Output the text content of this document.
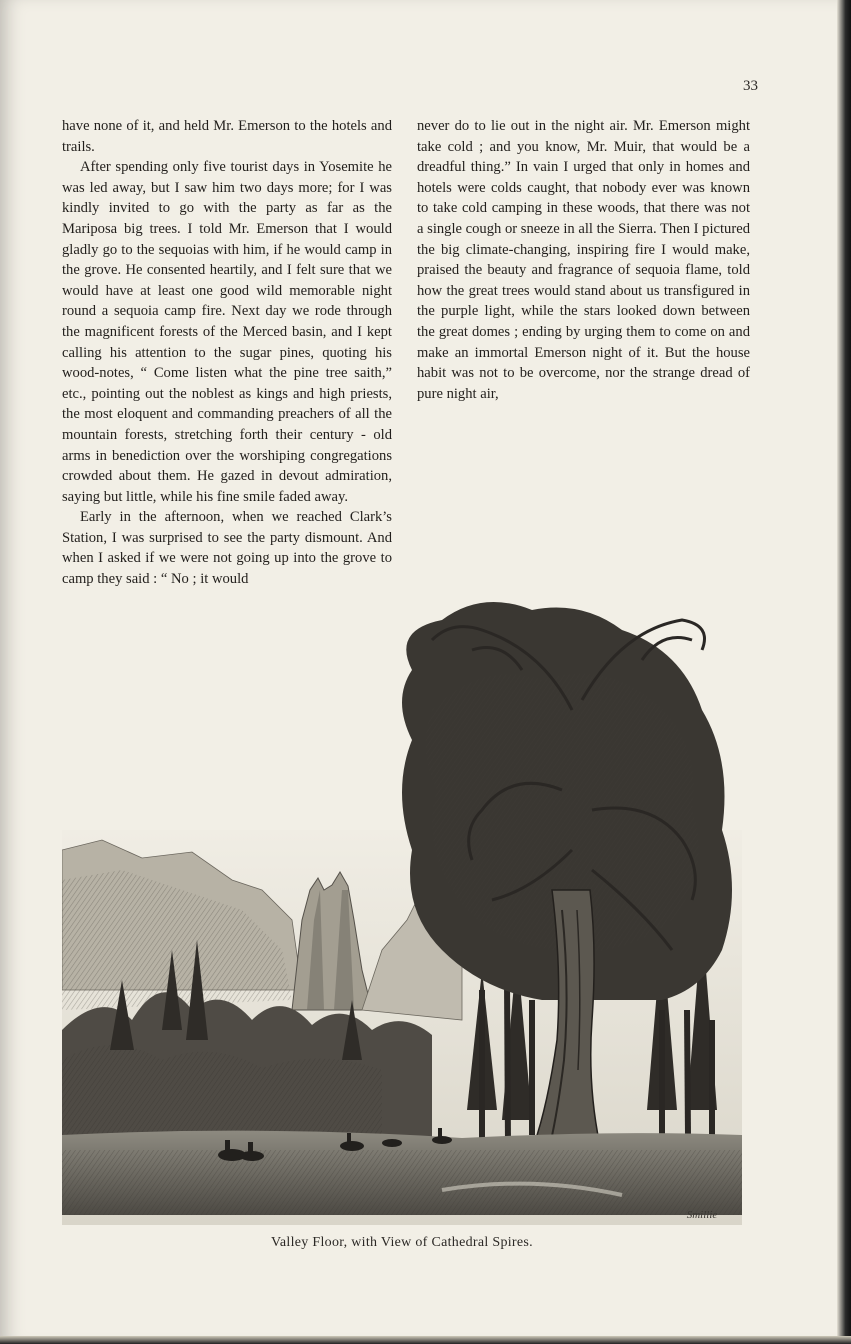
33

have none of it, and held Mr. Emerson to the hotels and trails.

After spending only five tourist days in Yosemite he was led away, but I saw him two days more; for I was kindly invited to go with the party as far as the Mariposa big trees. I told Mr. Emerson that I would gladly go to the sequoias with him, if he would camp in the grove. He consented heartily, and I felt sure that we would have at least one good wild memorable night round a sequoia camp fire. Next day we rode through the magnificent forests of the Merced basin, and I kept calling his attention to the sugar pines, quoting his wood-notes, “ Come listen what the pine tree saith,” etc., pointing out the noblest as kings and high priests, the most eloquent and commanding preachers of all the mountain forests, stretching forth their century - old arms in benediction over the worshiping congregations crowded about them. He gazed in devout admiration, saying but little, while his fine smile faded away.

Early in the afternoon, when we reached Clark’s Station, I was surprised to see the party dismount. And when I asked if we were not going up into the grove to camp they said : “ No ; it would

never do to lie out in the night air. Mr. Emerson might take cold ; and you know, Mr. Muir, that would be a dreadful thing.” In vain I urged that only in homes and hotels were colds caught, that nobody ever was known to take cold camping in these woods, that there was not a single cough or sneeze in all the Sierra. Then I pictured the big climate-changing, inspiring fire I would make, praised the beauty and fragrance of sequoia flame, told how the great trees would stand about us transfigured in the purple light, while the stars looked down between the great domes ; ending by urging them to come on and make an immortal Emerson night of it. But the house habit was not to be overcome, nor the strange dread of pure night air,

Smillie
Valley Floor, with View of Cathedral Spires.
